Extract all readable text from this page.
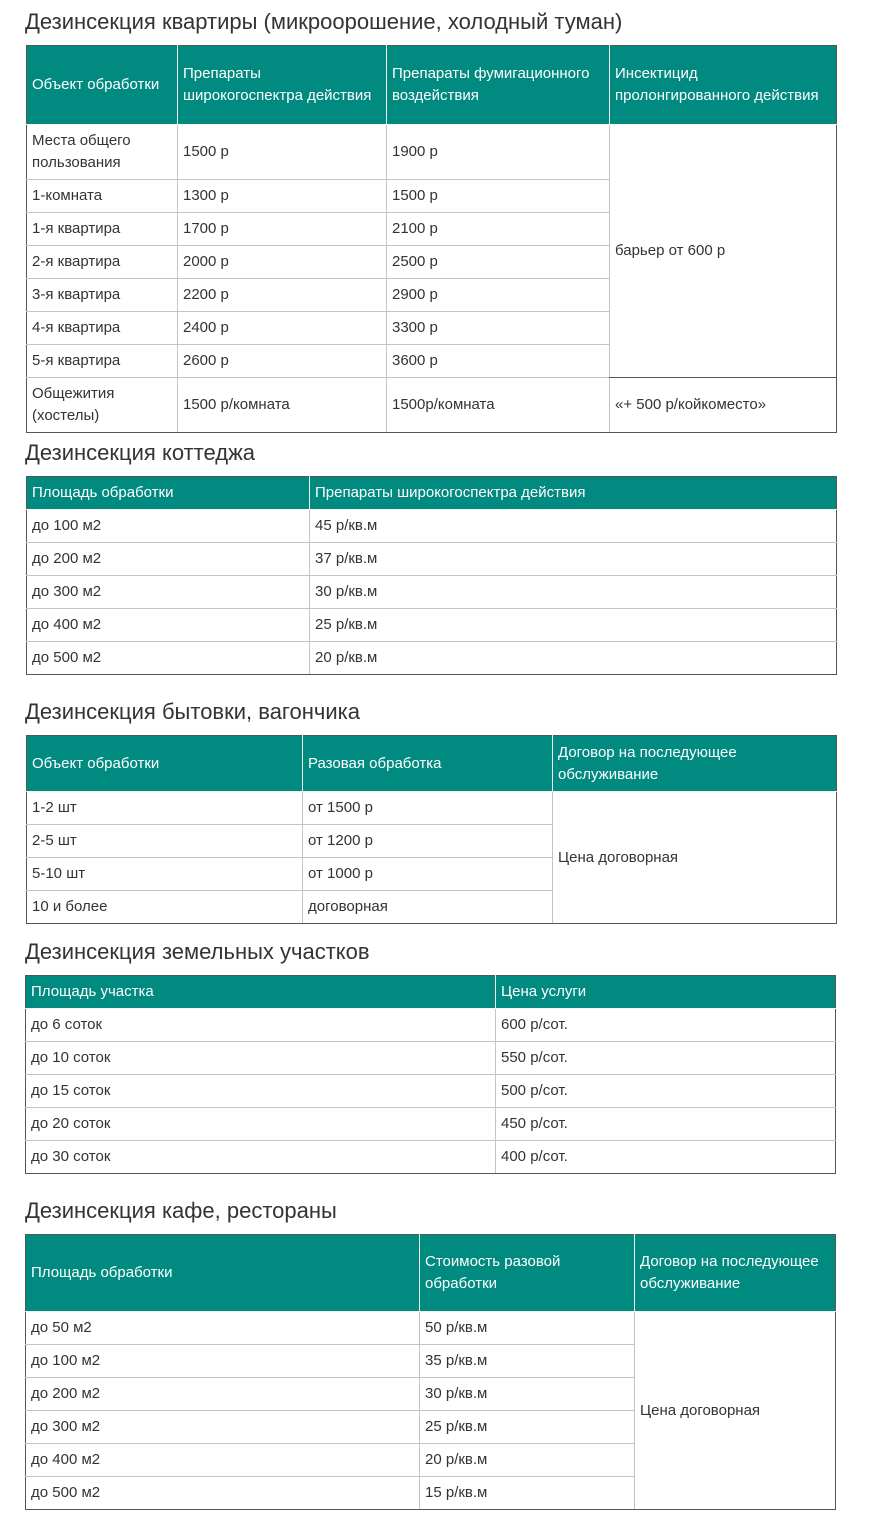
Дезинсекция квартиры (микроорошение, холодный туман)
Объект обработки	Препараты широкогоспектра действия	Препараты фумигационного воздействия	Инсектицид пролонгированного действия
Места общего пользования	1500 р	1900 р	барьер от 600 р
1-комната	1300 р	1500 р	
1-я квартира	1700 р	2100 р	
2-я квартира	2000 р	2500 р	
3-я квартира	2200 р	2900 р	
4-я квартира	2400 р	3300 р	
5-я квартира	2600 р	3600 р	
Общежития (хостелы)	1500 р/комната	1500р/комната	«+ 500 р/койкоместо»
Дезинсекция коттеджа
Площадь обработки	Препараты широкогоспектра действия
до 100 м2	45 р/кв.м
до 200 м2	37 р/кв.м
до 300 м2	30 р/кв.м
до 400 м2	25 р/кв.м
до 500 м2	20 р/кв.м
Дезинсекция бытовки, вагончика
Объект обработки	Разовая обработка	Договор на последующее обслуживание
1-2 шт	от 1500 р	Цена договорная
2-5 шт	от 1200 р	
5-10 шт	от 1000 р	
10 и более	договорная	
Дезинсекция земельных участков
Площадь участка	Цена услуги
до 6 соток	600 р/сот.
до 10 соток	550 р/сот.
до 15 соток	500 р/сот.
до 20 соток	450 р/сот.
до 30 соток	400 р/сот.
Дезинсекция кафе, рестораны
Площадь обработки	Стоимость разовой обработки	Договор на последующее обслуживание
до 50 м2	50 р/кв.м	Цена договорная
до 100 м2	35 р/кв.м	
до 200 м2	30 р/кв.м	
до 300 м2	25 р/кв.м	
до 400 м2	20 р/кв.м	
до 500 м2	15 р/кв.м	
